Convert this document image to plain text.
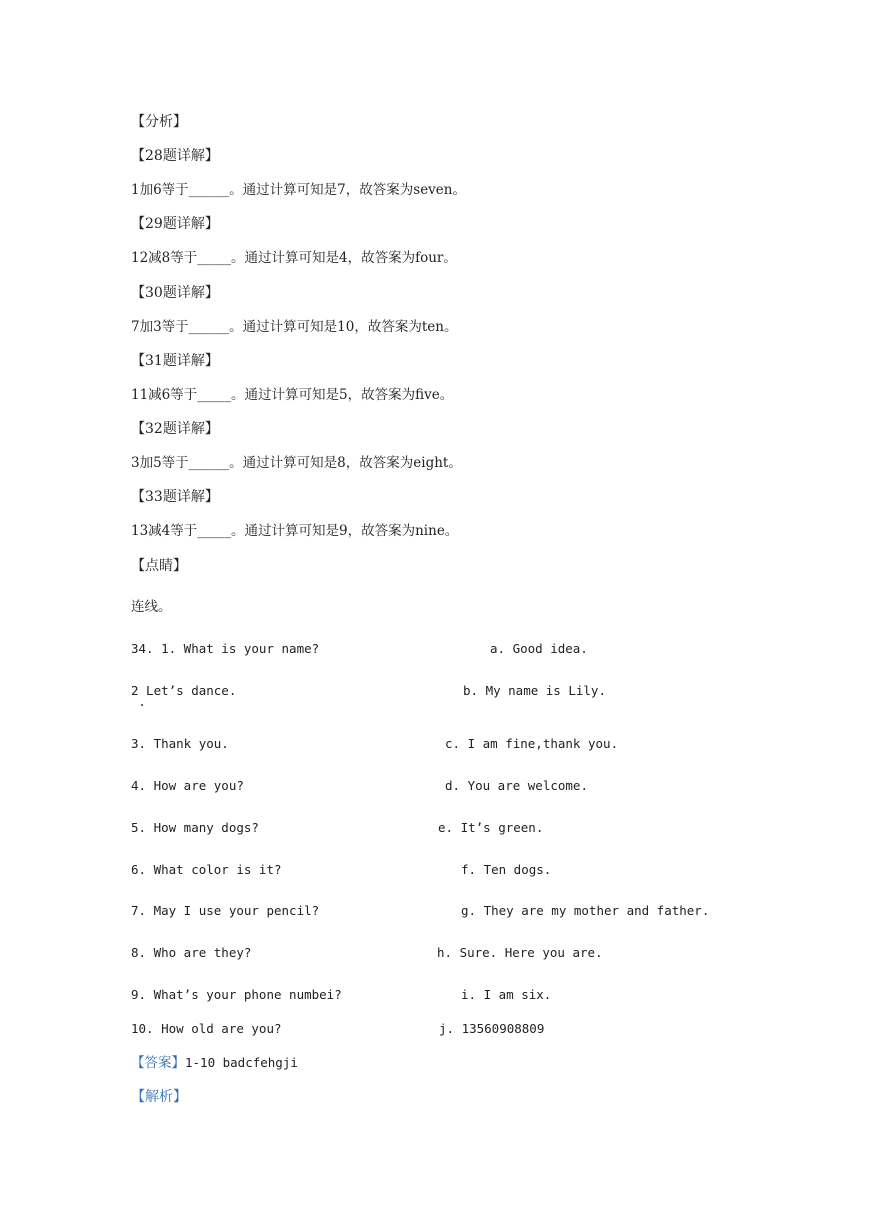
【分析】
【28题详解】
1加6等于______。通过计算可知是7，故答案为seven。
【29题详解】
12减8等于_____。通过计算可知是4，故答案为four。
【30题详解】
7加3等于______。通过计算可知是10，故答案为ten。
【31题详解】
11减6等于_____。通过计算可知是5，故答案为five。
【32题详解】
3加5等于______。通过计算可知是8，故答案为eight。
【33题详解】
13减4等于_____。通过计算可知是9，故答案为nine。
【点睛】
连线。
34. 1. What is your name?	a. Good idea.
2 Let’s dance.	b. My name is Lily.
3. Thank you.	c. I am fine,thank you.
4. How are you?	d. You are welcome.
5. How many dogs?	e. It’s green.
6. What color is it?	f. Ten dogs.
7. May I use your pencil?	g. They are my mother and father.
8. Who are they?	h. Sure. Here you are.
9. What’s your phone numbei?	i. I am six.
10. How old are you?	j. 13560908809
【答案】1-10 badcfehgji
【解析】
